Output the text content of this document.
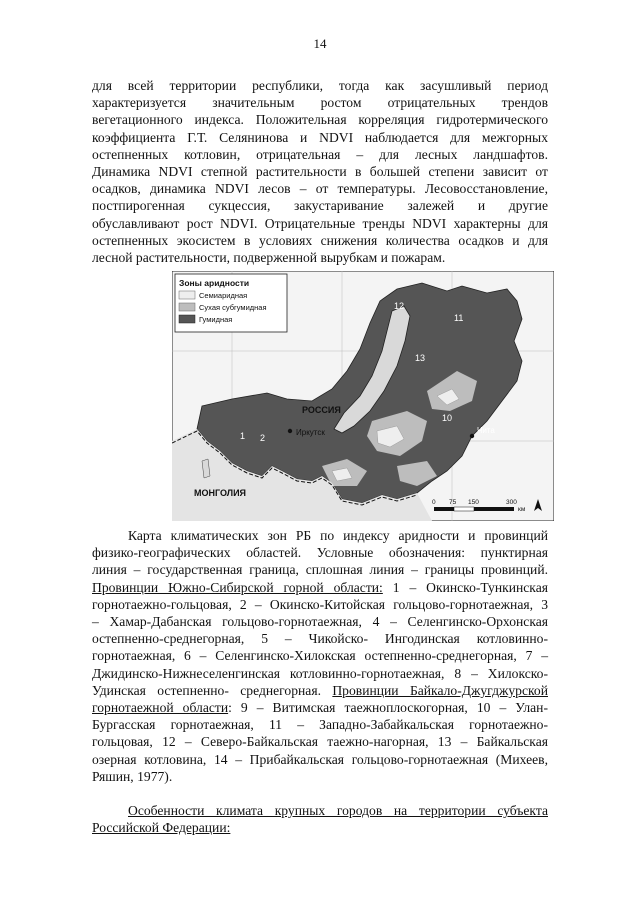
14
для всей территории республики, тогда как засушливый период
характеризуется значительным ростом отрицательных трендов
вегетационного индекса. Положительная корреляция гидротермического
коэффициента Г.Т. Селянинова и NDVI наблюдается для межгорных
остепненных котловин, отрицательная – для лесных ландшафтов.
Динамика NDVI степной растительности в большей степени зависит от
осадков, динамика NDVI лесов – от температуры. Лесовосстановление,
постпирогенная сукцессия, закустаривание залежей и другие
обуславливают рост NDVI. Отрицательные тренды NDVI характерны для
остепненных экосистем в условиях снижения количества осадков и для
лесной растительности, подверженной вырубкам и пожарам.
Иркутск	Чита
РОССИЯ
МОНГОЛИЯ
1 2
10
11
12
13
Зоны аридности
Семиаридная
Сухая субгумидная
Гумидная
0 75 150	300
км
Карта климатических зон РБ по индексу аридности и провинций
физико-географических областей. Условные обозначения: пунктирная
линия – государственная граница, сплошная линия – границы провинций.
Провинции Южно-Сибирской горной области: 1 – Окинско-Тункинская
горнотаежно-гольцовая, 2 – Окинско-Китойская гольцово-горнотаежная, 3
– Хамар-Дабанская гольцово-горнотаежная, 4 – Селенгинско-Орхонская
остепненно-среднегорная, 5 – Чикойско- Ингодинская котловинно-
горнотаежная, 6 – Селенгинско-Хилокская остепненно-среднегорная, 7 –
Джидинско-Нижнеселенгинская котловинно-горнотаежная, 8 – Хилокско-
Удинская остепненно- среднегорная. Провинции Байкало-Джугджурской
горнотаежной области: 9 – Витимская таежноплоскогорная, 10 – Улан-
Бургасская горнотаежная, 11 – Западно-Забайкальская горнотаежно-
гольцовая, 12 – Северо-Байкальская таежно-нагорная, 13 – Байкальская
озерная котловина, 14 – Прибайкальская гольцово-горнотаежная (Михеев,
Ряшин, 1977).
Особенности климата крупных городов на территории субъекта
Российской Федерации:
